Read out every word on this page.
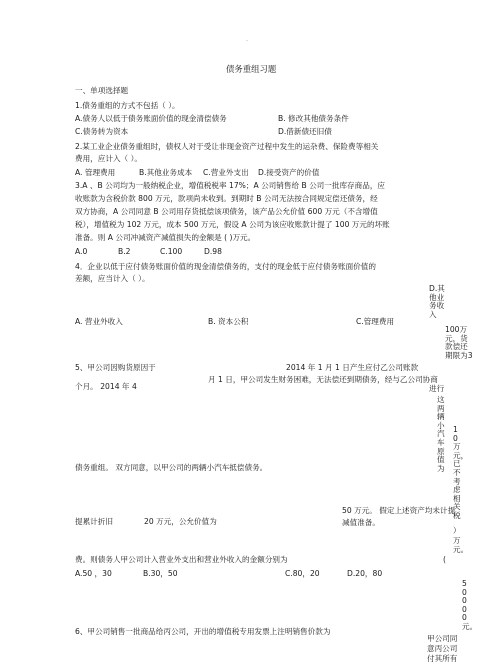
·
债务重组习题
一、单项选择题
1.债务重组的方式不包括（ ）。
A.债务人以低于债务账面价值的现金清偿债务	B. 修改其他债务条件
C.债务转为资本	D.借新债还旧债
2.某工业企业债务重组时，债权人对于受让非现金资产过程中发生的运杂费、保险费等相关
费用，应计入（ ）。
A. 管理费用	B.其他业务成本 C.营业外支出 D.接受资产的价值
3.A 、B 公司均为一般纳税企业，增值税税率 17%；A 公司销售给 B 公司一批库存商品，应
收账款为含税价款 800 万元，款项尚未收到。到期时 B 公司无法按合同规定偿还债务，经
双方协商，A 公司同意 B 公司用存货抵偿该项债务，该产品公允价值 600 万元（不含增值
税），增值税为 102 万元，成本 500 万元，假设 A 公司为该应收账款计提了 100 万元的坏账
准备。则 A 公司冲减资产减值损失的金额是 ( )万元。
A.0	B.2	C.100	D.98
4．企业以低于应付债务账面价值的现金清偿债务的，支付的现金低于应付债务账面价值的
差额，应当计入（ ）。
D.其他业务收入
A. 营业外收入	B. 资本公积	C.管理费用
100万元，货款偿还期限为3
5、甲公司因购货原因于	2014 年 1 月 1 日产生应付乙公司账款
月 1 日，甲公司发生财务困难，无法偿还到期债务，经与乙公司协商
个月。 2014 年 4	进行
这两辆小汽车原值为
10万元，已不考虑相关税
债务重组。 双方同意，以甲公司的两辆小汽车抵偿债务。
50 万元。 假定上述资产均未计提
提累计折旧	20 万元，公允价值为	减值准备。
）
万元。
费。则债务人甲公司计入营业外支出和营业外收入的金额分别为	(
A.50 ，30	B.30，50	C.80，20	D.20，80
5000 0 元。
6、甲公司销售一批商品给丙公司，开出的增值税专用发票上注明销售价款为
甲公司同
意丙公司
付其所有
